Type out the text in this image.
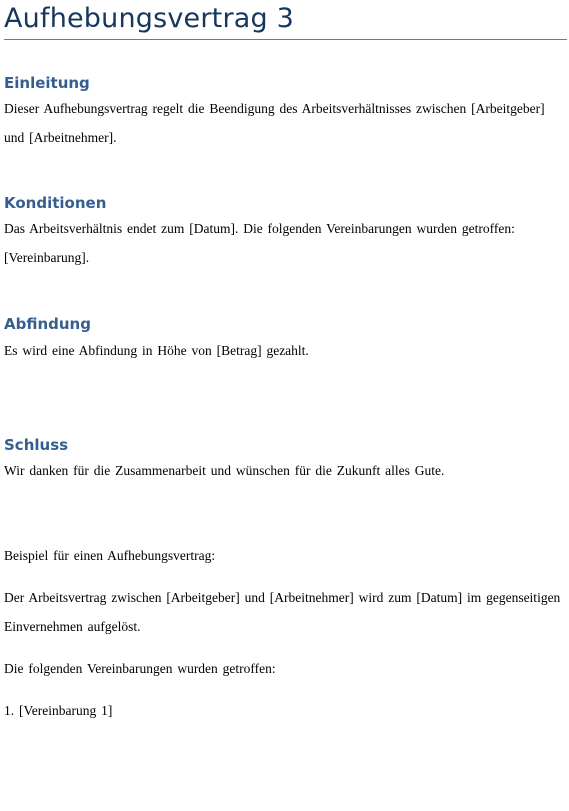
Aufhebungsvertrag 3
Einleitung

Dieser Aufhebungsvertrag regelt die Beendigung des Arbeitsverhältnisses zwischen [Arbeitgeber] und [Arbeitnehmer].

Konditionen

Das Arbeitsverhältnis endet zum [Datum]. Die folgenden Vereinbarungen wurden getroffen: [Vereinbarung].

Abfindung

Es wird eine Abfindung in Höhe von [Betrag] gezahlt.

Schluss

Wir danken für die Zusammenarbeit und wünschen für die Zukunft alles Gute.

Beispiel für einen Aufhebungsvertrag:

Der Arbeitsvertrag zwischen [Arbeitgeber] und [Arbeitnehmer] wird zum [Datum] im gegenseitigen Einvernehmen aufgelöst.

Die folgenden Vereinbarungen wurden getroffen:

1. [Vereinbarung 1]
